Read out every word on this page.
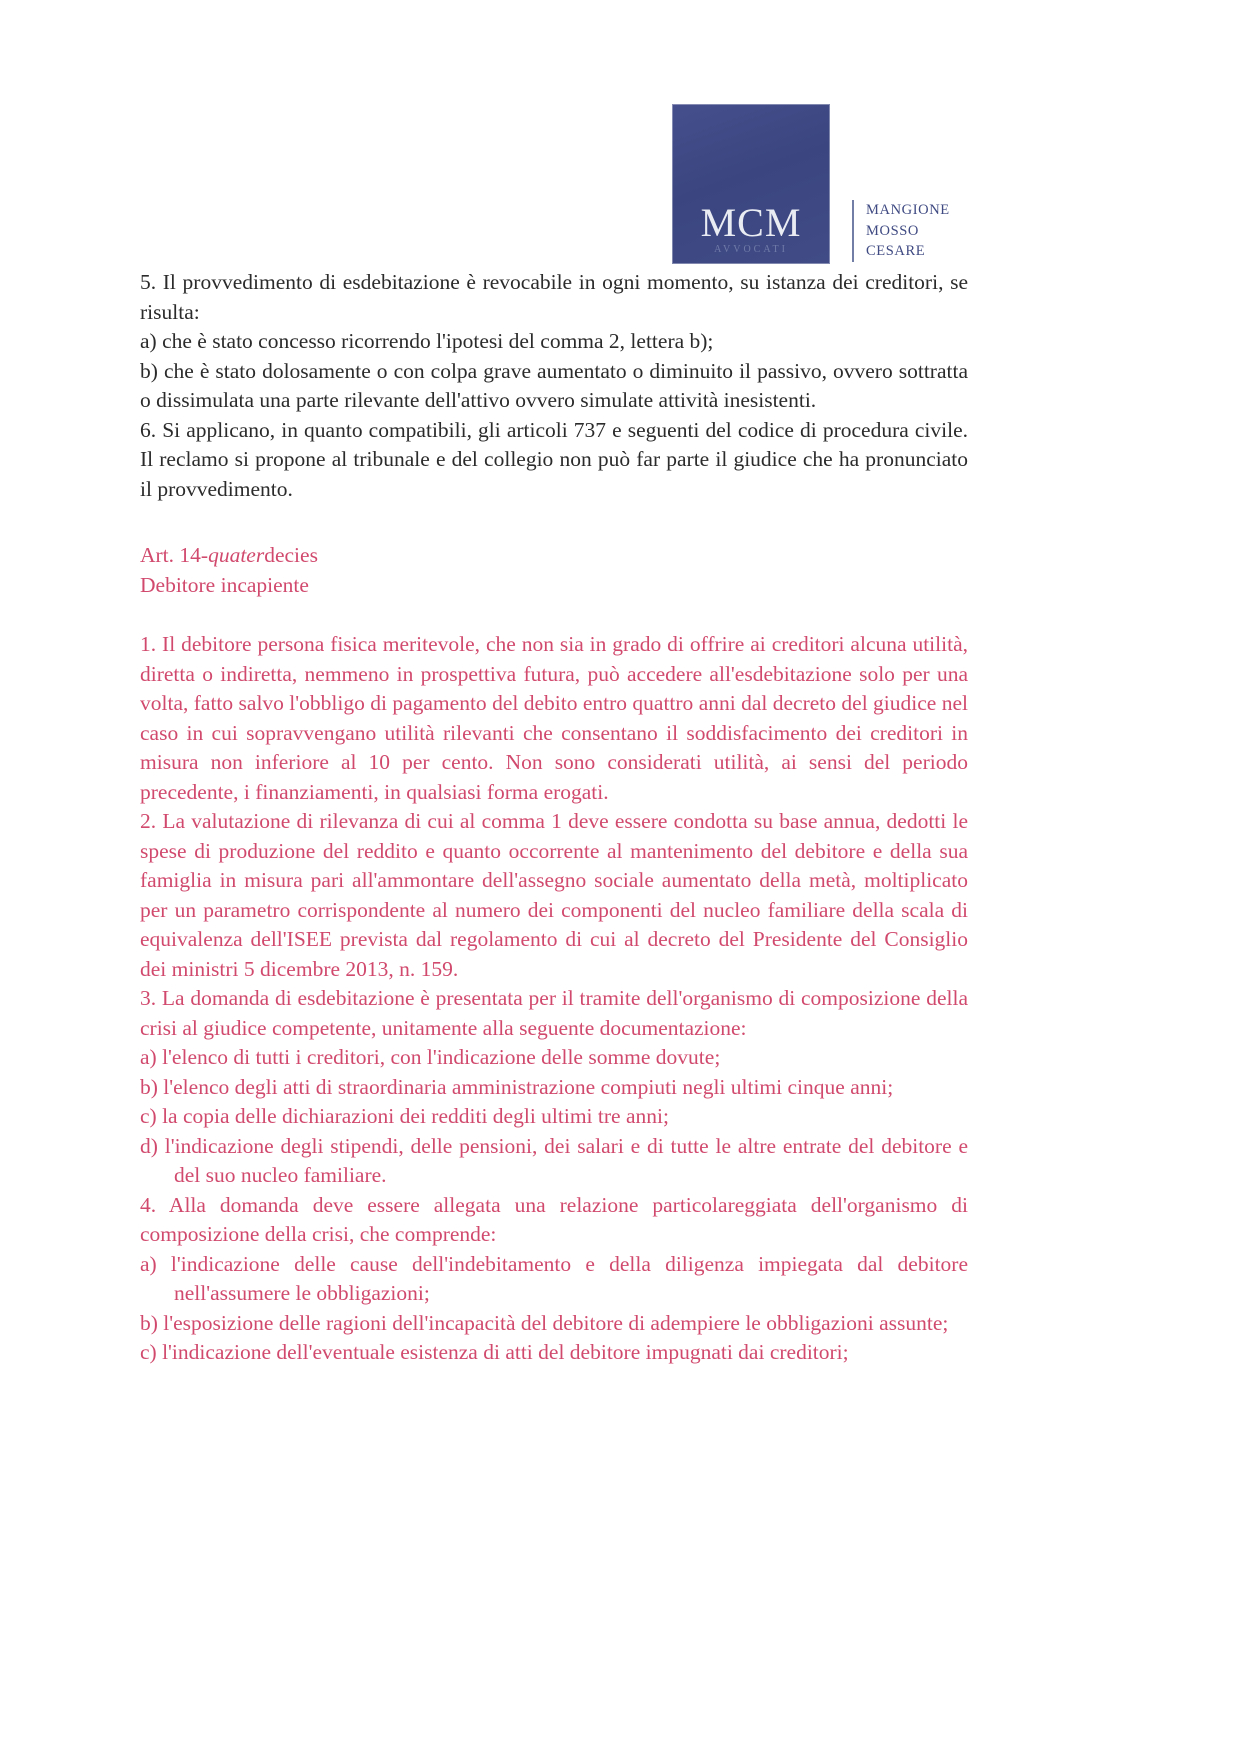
MCM
AVVOCATI
MANGIONE
MOSSO
CESARE

5. Il provvedimento di esdebitazione è revocabile in ogni momento, su istanza dei creditori, se risulta:

a) che è stato concesso ricorrendo l'ipotesi del comma 2, lettera b);

b) che è stato dolosamente o con colpa grave aumentato o diminuito il passivo, ovvero sottratta o dissimulata una parte rilevante dell'attivo ovvero simulate attività inesistenti.

6. Si applicano, in quanto compatibili, gli articoli 737 e seguenti del codice di procedura civile. Il reclamo si propone al tribunale e del collegio non può far parte il giudice che ha pronunciato il provvedimento.

Art. 14-quaterdecies
Debitore incapiente

1. Il debitore persona fisica meritevole, che non sia in grado di offrire ai creditori alcuna utilità, diretta o indiretta, nemmeno in prospettiva futura, può accedere all'esdebitazione solo per una volta, fatto salvo l'obbligo di pagamento del debito entro quattro anni dal decreto del giudice nel caso in cui sopravvengano utilità rilevanti che consentano il soddisfacimento dei creditori in misura non inferiore al 10 per cento. Non sono considerati utilità, ai sensi del periodo precedente, i finanziamenti, in qualsiasi forma erogati.

2. La valutazione di rilevanza di cui al comma 1 deve essere condotta su base annua, dedotti le spese di produzione del reddito e quanto occorrente al mantenimento del debitore e della sua famiglia in misura pari all'ammontare dell'assegno sociale aumentato della metà, moltiplicato per un parametro corrispondente al numero dei componenti del nucleo familiare della scala di equivalenza dell'ISEE prevista dal regolamento di cui al decreto del Presidente del Consiglio dei ministri 5 dicembre 2013, n. 159.

3. La domanda di esdebitazione è presentata per il tramite dell'organismo di composizione della crisi al giudice competente, unitamente alla seguente documentazione:

a) l'elenco di tutti i creditori, con l'indicazione delle somme dovute;

b) l'elenco degli atti di straordinaria amministrazione compiuti negli ultimi cinque anni;

c) la copia delle dichiarazioni dei redditi degli ultimi tre anni;

d) l'indicazione degli stipendi, delle pensioni, dei salari e di tutte le altre entrate del debitore e del suo nucleo familiare.

4. Alla domanda deve essere allegata una relazione particolareggiata dell'organismo di composizione della crisi, che comprende:

a) l'indicazione delle cause dell'indebitamento e della diligenza impiegata dal debitore nell'assumere le obbligazioni;

b) l'esposizione delle ragioni dell'incapacità del debitore di adempiere le obbligazioni assunte;

c) l'indicazione dell'eventuale esistenza di atti del debitore impugnati dai creditori;
